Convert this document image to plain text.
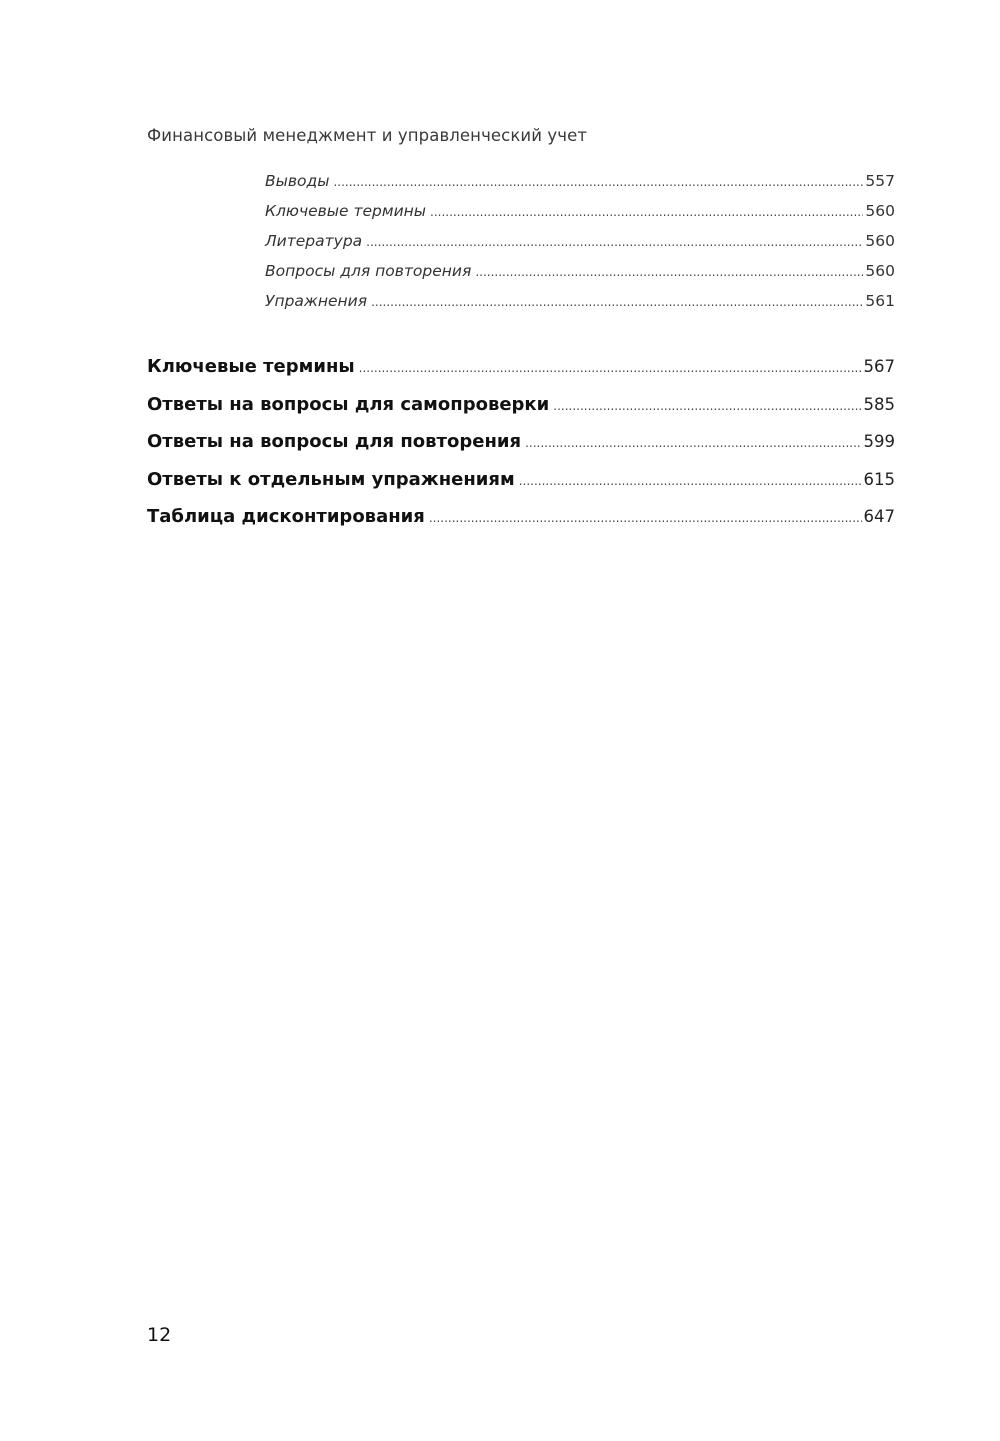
Финансовый менеджмент и управленческий учет
Выводы .....	557
Ключевые термины .....	560
Литература .....	560
Вопросы для повторения .....	560
Упражнения .....	561
Ключевые термины .....	567
Ответы на вопросы для самопроверки .....	585
Ответы на вопросы для повторения .....	599
Ответы к отдельным упражнениям .....	615
Таблица дисконтирования .....	647
12
